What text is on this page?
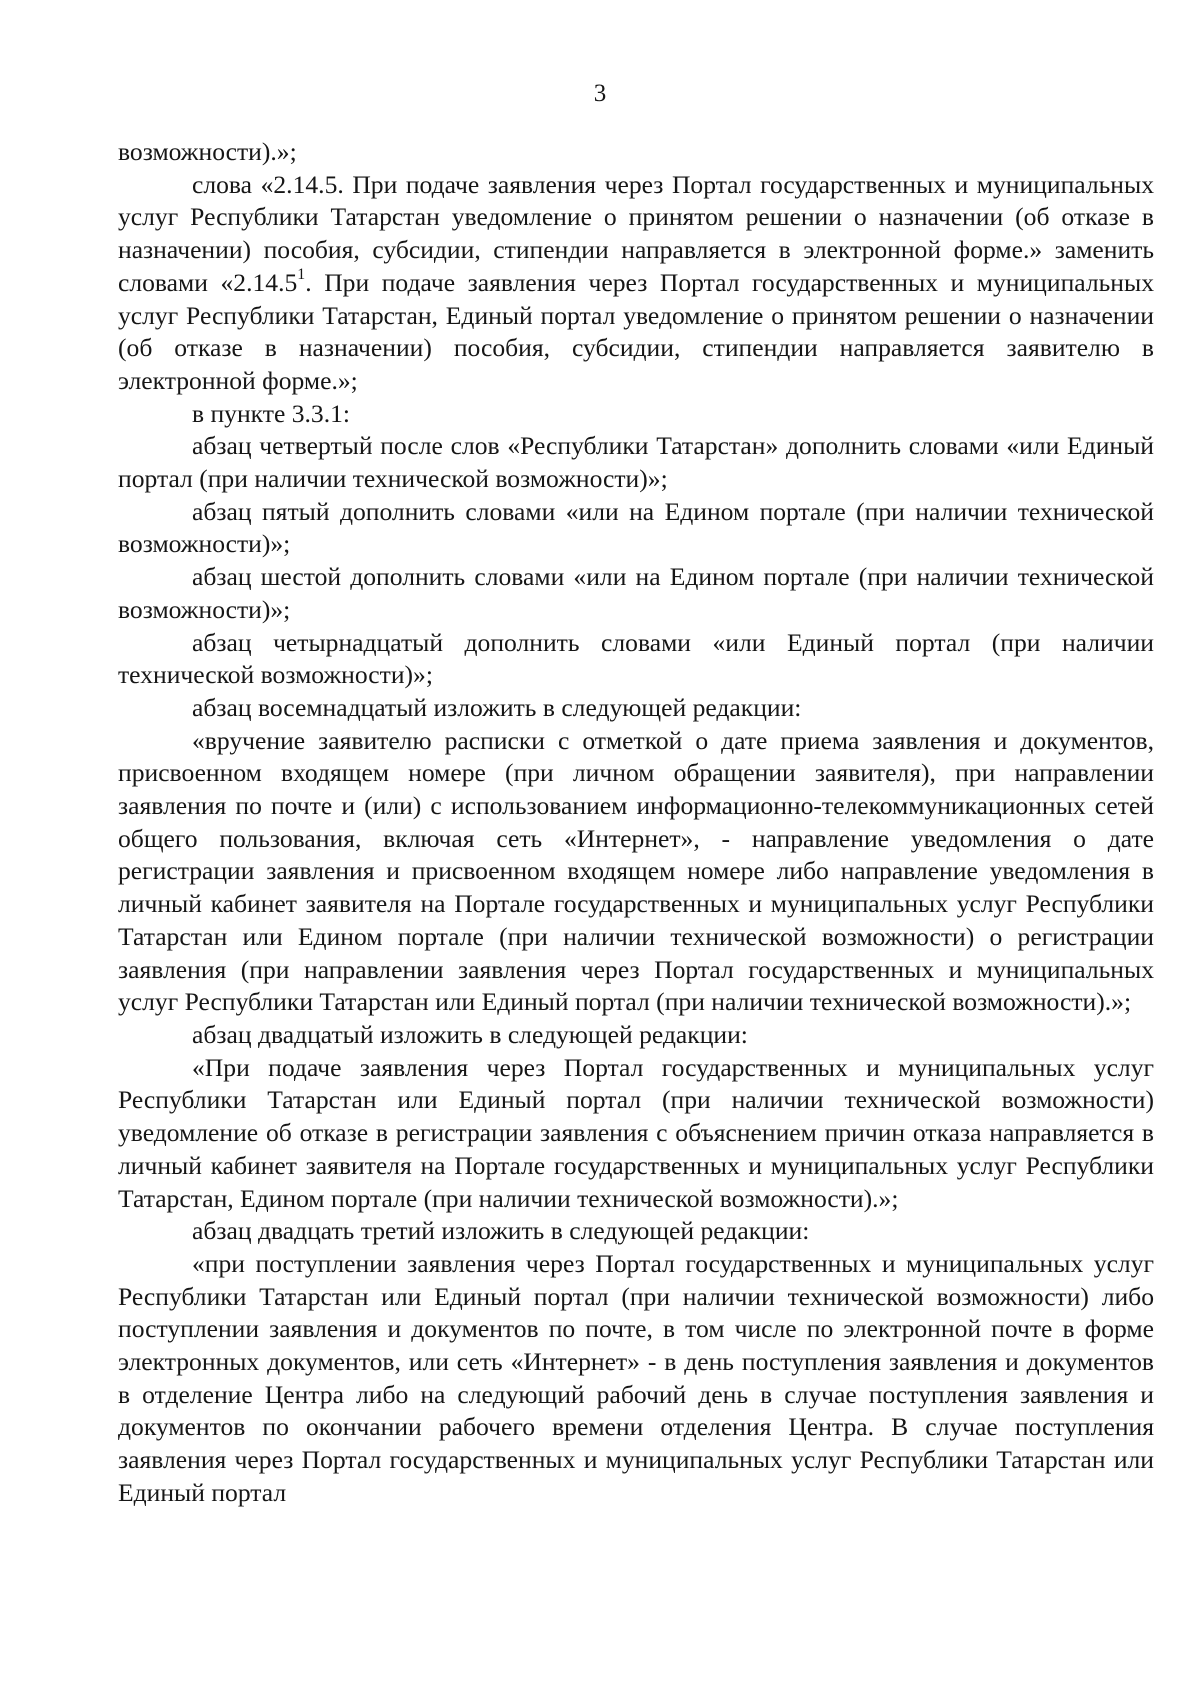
3

возможности).»;

слова «2.14.5. При подаче заявления через Портал государственных и муниципальных услуг Республики Татарстан уведомление о принятом решении о назначении (об отказе в назначении) пособия, субсидии, стипендии направляется в электронной форме.» заменить словами «2.14.5$^1$. При подаче заявления через Портал государственных и муниципальных услуг Республики Татарстан, Единый портал уведомление о принятом решении о назначении (об отказе в назначении) пособия, субсидии, стипендии направляется заявителю в электронной форме.»;

в пункте 3.3.1:

абзац четвертый после слов «Республики Татарстан» дополнить словами «или Единый портал (при наличии технической возможности)»;

абзац пятый дополнить словами «или на Едином портале (при наличии технической возможности)»;

абзац шестой дополнить словами «или на Едином портале (при наличии технической возможности)»;

абзац четырнадцатый дополнить словами «или Единый портал (при наличии технической возможности)»;

абзац восемнадцатый изложить в следующей редакции:

«вручение заявителю расписки с отметкой о дате приема заявления и документов, присвоенном входящем номере (при личном обращении заявителя), при направлении заявления по почте и (или) с использованием информационно-телекоммуникационных сетей общего пользования, включая сеть «Интернет», - направление уведомления о дате регистрации заявления и присвоенном входящем номере либо направление уведомления в личный кабинет заявителя на Портале государственных и муниципальных услуг Республики Татарстан или Едином портале (при наличии технической возможности) о регистрации заявления (при направлении заявления через Портал государственных и муниципальных услуг Республики Татарстан или Единый портал (при наличии технической возможности).»;

абзац двадцатый изложить в следующей редакции:

«При подаче заявления через Портал государственных и муниципальных услуг Республики Татарстан или Единый портал (при наличии технической возможности) уведомление об отказе в регистрации заявления с объяснением причин отказа направляется в личный кабинет заявителя на Портале государственных и муниципальных услуг Республики Татарстан, Едином портале (при наличии технической возможности).»;

абзац двадцать третий изложить в следующей редакции:

«при поступлении заявления через Портал государственных и муниципальных услуг Республики Татарстан или Единый портал (при наличии технической возможности) либо поступлении заявления и документов по почте, в том числе по электронной почте в форме электронных документов, или сеть «Интернет» - в день поступления заявления и документов в отделение Центра либо на следующий рабочий день в случае поступления заявления и документов по окончании рабочего времени отделения Центра. В случае поступления заявления через Портал государственных и муниципальных услуг Республики Татарстан или Единый портал
